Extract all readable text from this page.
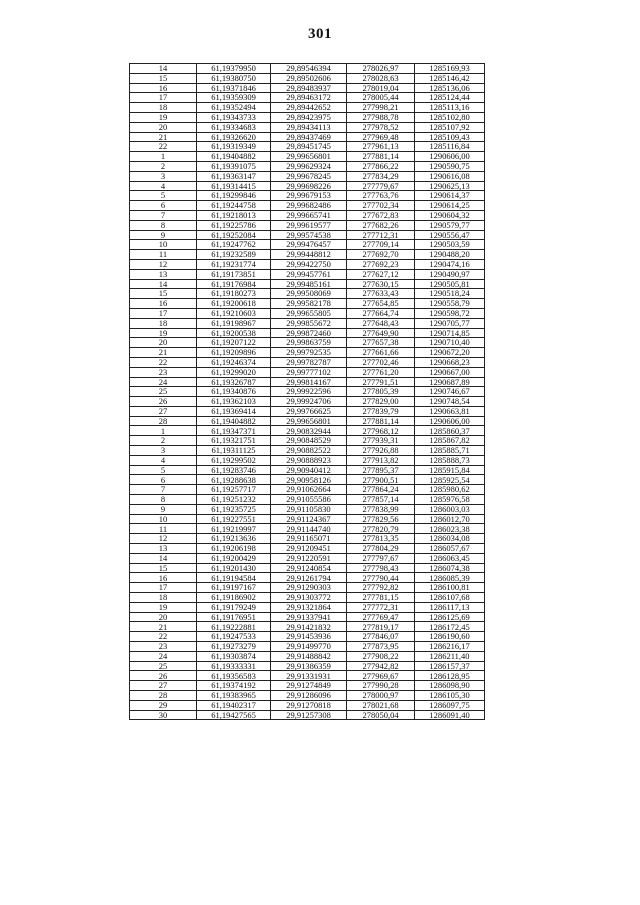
301
14	61,19379950	29,89546394	278026,97	1285169,93
15	61,19380750	29,89502606	278028,63	1285146,42
16	61,19371846	29,89483937	278019,04	1285136,06
17	61,19359309	29,89463172	278005,44	1285124,44
18	61,19352494	29,89442652	277998,21	1285113,16
19	61,19343733	29,89423975	277988,78	1285102,80
20	61,19334683	29,89434113	277978,52	1285107,92
21	61,19326620	29,89437469	277969,48	1285109,43
22	61,19319349	29,89451745	277961,13	1285116,84
1	61,19404882	29,99656801	277881,14	1290606,00
2	61,19391075	29,99629324	277866,22	1290590,75
3	61,19363147	29,99678245	277834,29	1290616,08
4	61,19314415	29,99698226	277779,67	1290625,13
5	61,19299846	29,99679153	277763,76	1290614,37
6	61,19244758	29,99682486	277702,34	1290614,25
7	61,19218013	29,99665741	277672,83	1290604,32
8	61,19225786	29,99619577	277682,26	1290579,77
9	61,19252084	29,99574538	277712,31	1290556,47
10	61,19247762	29,99476457	277709,14	1290503,59
11	61,19232589	29,99448812	277692,70	1290488,20
12	61,19231774	29,99422750	277692,23	1290474,16
13	61,19173851	29,99457761	277627,12	1290490,97
14	61,19176984	29,99485161	277630,15	1290505,81
15	61,19180273	29,99508069	277633,43	1290518,24
16	61,19200618	29,99582178	277654,85	1290558,79
17	61,19210603	29,99655805	277664,74	1290598,72
18	61,19198967	29,99855672	277648,43	1290705,77
19	61,19200538	29,99872460	277649,90	1290714,85
20	61,19207122	29,99863759	277657,38	1290710,40
21	61,19209896	29,99792535	277661,66	1290672,20
22	61,19246374	29,99782787	277702,46	1290668,23
23	61,19299020	29,99777102	277761,20	1290667,00
24	61,19326787	29,99814167	277791,51	1290687,89
25	61,19340876	29,99922596	277805,39	1290746,67
26	61,19362103	29,99924706	277829,00	1290748,54
27	61,19369414	29,99766625	277839,79	1290663,81
28	61,19404882	29,99656801	277881,14	1290606,00
1	61,19347371	29,90832944	277968,12	1285860,37
2	61,19321751	29,90848529	277939,31	1285867,82
3	61,19311125	29,90882522	277926,88	1285885,71
4	61,19299502	29,90888923	277913,82	1285888,73
5	61,19283746	29,90940412	277895,37	1285915,84
6	61,19288638	29,90958126	277900,51	1285925,54
7	61,19257717	29,91062664	277864,24	1285980,62
8	61,19251232	29,91055586	277857,14	1285976,58
9	61,19235725	29,91105830	277838,99	1286003,03
10	61,19227551	29,91124367	277829,56	1286012,70
11	61,19219997	29,91144740	277820,79	1286023,38
12	61,19213636	29,91165071	277813,35	1286034,08
13	61,19206198	29,91209451	277804,29	1286057,67
14	61,19200429	29,91220591	277797,67	1286063,45
15	61,19201430	29,91240854	277798,43	1286074,38
16	61,19194584	29,91261794	277790,44	1286085,39
17	61,19197167	29,91290303	277792,82	1286100,81
18	61,19186902	29,91303772	277781,15	1286107,68
19	61,19179249	29,91321864	277772,31	1286117,13
20	61,19176951	29,91337941	277769,47	1286125,69
21	61,19222881	29,91421832	277819,17	1286172,45
22	61,19247533	29,91453936	277846,07	1286190,60
23	61,19273279	29,91499770	277873,95	1286216,17
24	61,19303874	29,91488842	277908,22	1286211,40
25	61,19333331	29,91386359	277942,82	1286157,37
26	61,19356583	29,91331931	277969,67	1286128,95
27	61,19374192	29,91274849	277990,28	1286098,90
28	61,19383965	29,91286096	278000,97	1286105,30
29	61,19402317	29,91270818	278021,68	1286097,75
30	61,19427565	29,91257308	278050,04	1286091,40
